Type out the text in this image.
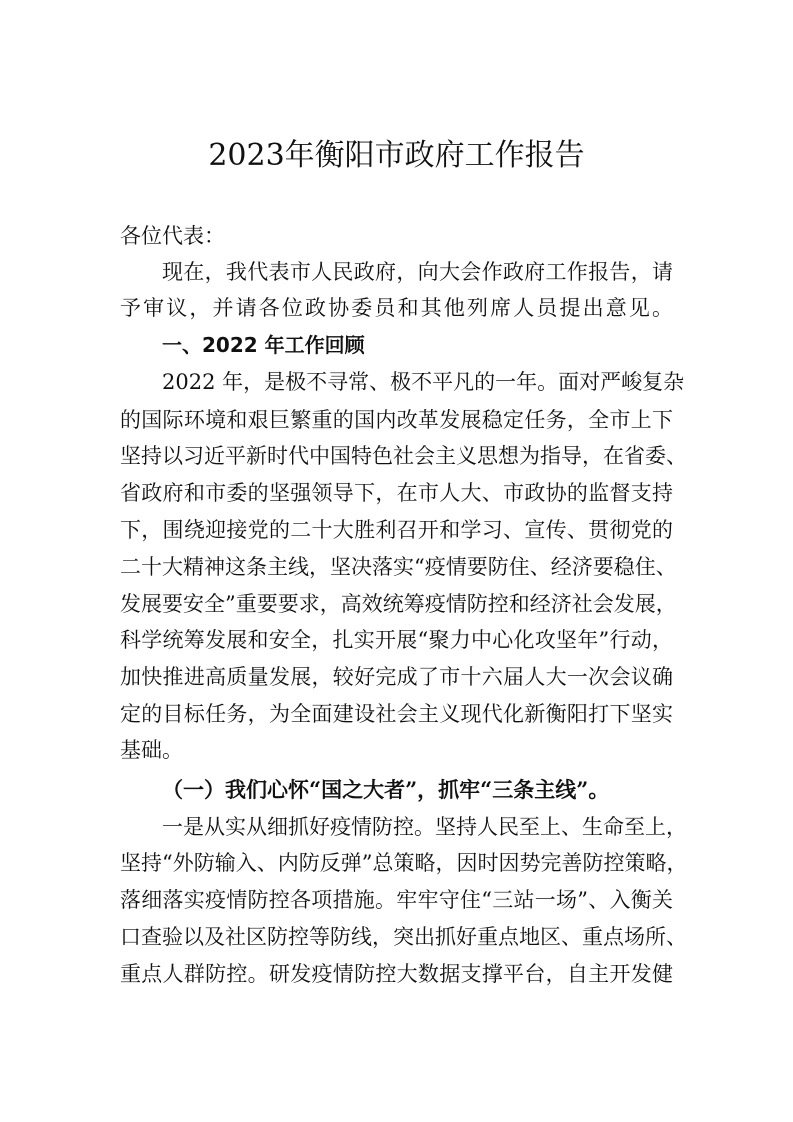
2023年衡阳市政府工作报告
各位代表：
现在，我代表市人民政府，向大会作政府工作报告，请
予审议，并请各位政协委员和其他列席人员提出意见。
一、2022 年工作回顾
2022 年，是极不寻常、极不平凡的一年。面对严峻复杂
的国际环境和艰巨繁重的国内改革发展稳定任务，全市上下
坚持以习近平新时代中国特色社会主义思想为指导，在省委、
省政府和市委的坚强领导下，在市人大、市政协的监督支持
下，围绕迎接党的二十大胜利召开和学习、宣传、贯彻党的
二十大精神这条主线，坚决落实“疫情要防住、经济要稳住、
发展要安全”重要要求，高效统筹疫情防控和经济社会发展，
科学统筹发展和安全，扎实开展“聚力中心化攻坚年”行动，
加快推进高质量发展，较好完成了市十六届人大一次会议确
定的目标任务，为全面建设社会主义现代化新衡阳打下坚实
基础。
（一）我们心怀“国之大者”，抓牢“三条主线”。
一是从实从细抓好疫情防控。坚持人民至上、生命至上，
坚持“外防输入、内防反弹”总策略，因时因势完善防控策略，
落细落实疫情防控各项措施。牢牢守住“三站一场”、入衡关
口查验以及社区防控等防线，突出抓好重点地区、重点场所、
重点人群防控。研发疫情防控大数据支撑平台，自主开发健
